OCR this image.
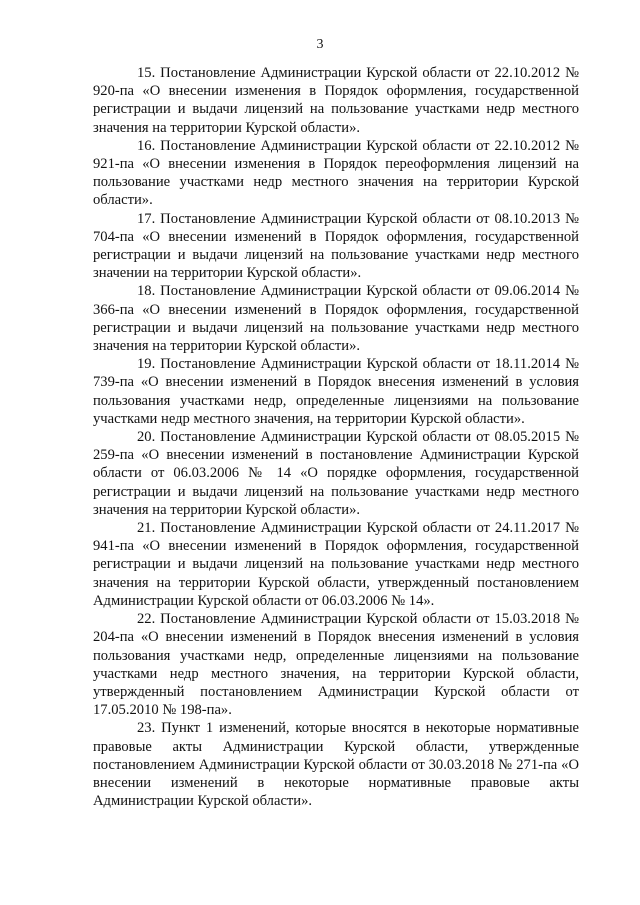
3

15. Постановление Администрации Курской области от 22.10.2012 № 920-па «О внесении изменения в Порядок оформления, государственной регистрации и выдачи лицензий на пользование участками недр местного значения на территории Курской области».

16. Постановление Администрации Курской области от 22.10.2012 № 921-па «О внесении изменения в Порядок переоформления лицензий на пользование участками недр местного значения на территории Курской области».

17. Постановление Администрации Курской области от 08.10.2013 № 704-па «О внесении изменений в Порядок оформления, государственной регистрации и выдачи лицензий на пользование участками недр местного значении на территории Курской области».

18. Постановление Администрации Курской области от 09.06.2014 № 366-па «О внесении изменений в Порядок оформления, государственной регистрации и выдачи лицензий на пользование участками недр местного значения на территории Курской области».

19. Постановление Администрации Курской области от 18.11.2014 № 739-па «О внесении изменений в Порядок внесения изменений в условия пользования участками недр, определенные лицензиями на пользование участками недр местного значения, на территории Курской области».

20. Постановление Администрации Курской области от 08.05.2015 № 259-па «О внесении изменений в постановление Администрации Курской области от 06.03.2006 № 14 «О порядке оформления, государственной регистрации и выдачи лицензий на пользование участками недр местного значения на территории Курской области».

21. Постановление Администрации Курской области от 24.11.2017 № 941-па «О внесении изменений в Порядок оформления, государственной регистрации и выдачи лицензий на пользование участками недр местного значения на территории Курской области, утвержденный постановлением Администрации Курской области от 06.03.2006 № 14».

22. Постановление Администрации Курской области от 15.03.2018 № 204-па «О внесении изменений в Порядок внесения изменений в условия пользования участками недр, определенные лицензиями на пользование участками недр местного значения, на территории Курской области, утвержденный постановлением Администрации Курской области от 17.05.2010 № 198-па».

23. Пункт 1 изменений, которые вносятся в некоторые нормативные правовые акты Администрации Курской области, утвержденные постановлением Администрации Курской области от 30.03.2018 № 271-па «О внесении изменений в некоторые нормативные правовые акты Администрации Курской области».
